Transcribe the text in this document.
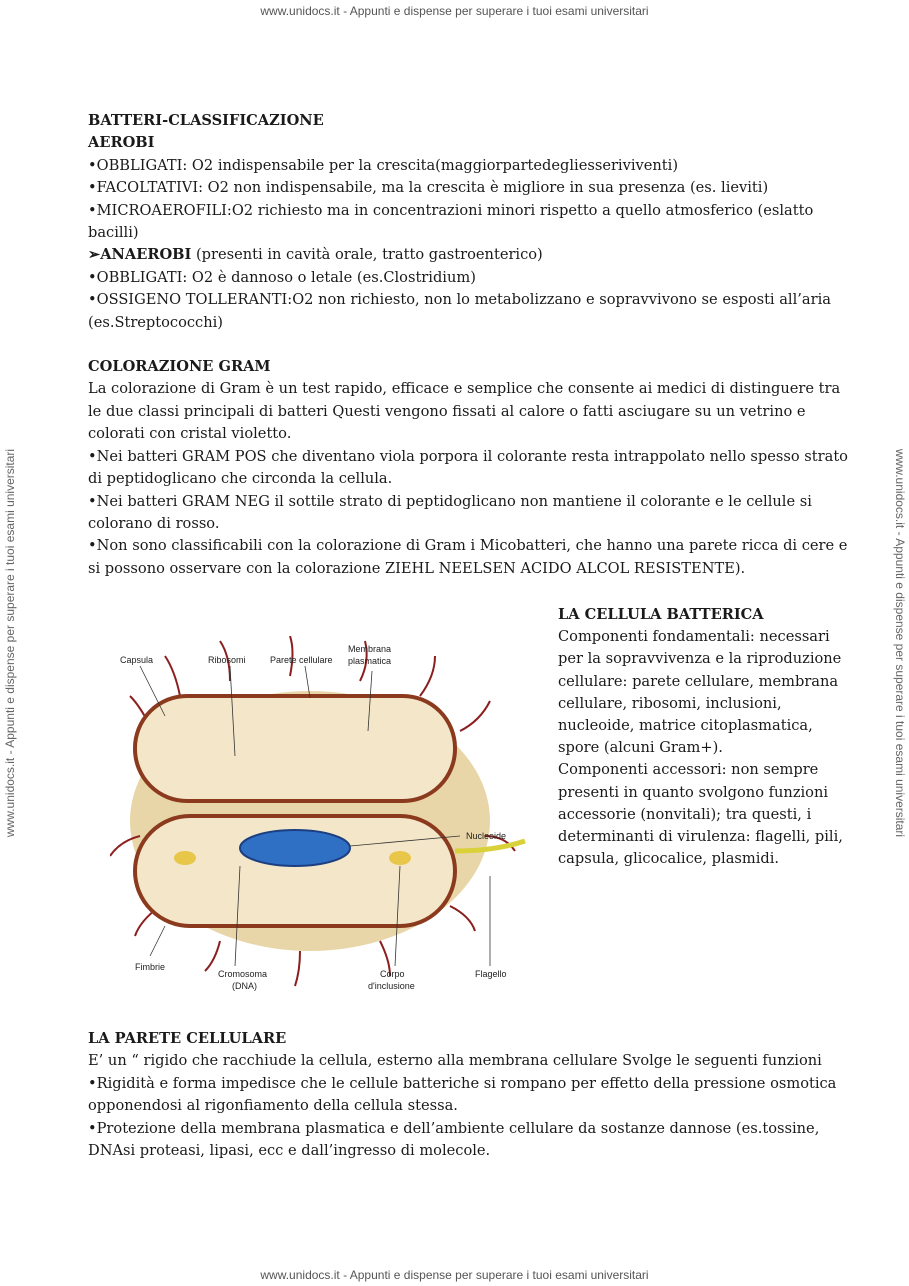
www.unidocs.it - Appunti e dispense per superare i tuoi esami universitari
www.unidocs.it - Appunti e dispense per superare i tuoi esami universitari	www.unidocs.it - Appunti e dispense per superare i tuoi esami universitari

BATTERI-CLASSIFICAZIONE

AEROBI

•OBBLIGATI: O2 indispensabile per la crescita(maggiorpartedegliesseriviventi)

•FACOLTATIVI: O2 non indispensabile, ma la crescita è migliore in sua presenza (es. lieviti)

•MICROAEROFILI:O2 richiesto ma in concentrazioni minori rispetto a quello atmosferico (eslatto bacilli)

➢ANAEROBI (presenti in cavità orale, tratto gastroenterico)

•OBBLIGATI: O2 è dannoso o letale (es.Clostridium)

•OSSIGENO TOLLERANTI:O2 non richiesto, non lo metabolizzano e sopravvivono se esposti all’aria (es.Streptococchi)

COLORAZIONE GRAM

La colorazione di Gram è un test rapido, efficace e semplice che consente ai medici di distinguere tra le due classi principali di batteri Questi vengono fissati al calore o fatti asciugare su un vetrino e colorati con cristal violetto.

•Nei batteri GRAM POS che diventano viola porpora il colorante resta intrappolato nello spesso strato di peptidoglicano che circonda la cellula.

•Nei batteri GRAM NEG il sottile strato di peptidoglicano non mantiene il colorante e le cellule si colorano di rosso.

•Non sono classificabili con la colorazione di Gram i Micobatteri, che hanno una parete ricca di cere e si possono osservare con la colorazione ZIEHL NEELSEN ACIDO ALCOL RESISTENTE).

Capsula	Ribosomi	Parete cellulare
Membrana
plasmatica
Nucleoide
Fimbrie
Cromosoma
(DNA)
Corpo
d'inclusione
Flagello

LA CELLULA BATTERICA

Componenti fondamentali: necessari per la sopravvivenza e la riproduzione cellulare: parete cellulare, membrana cellulare, ribosomi, inclusioni, nucleoide, matrice citoplasmatica, spore (alcuni Gram+).

Componenti accessori: non sempre presenti in quanto svolgono funzioni accessorie (nonvitali); tra questi, i determinanti di virulenza: flagelli, pili, capsula, glicocalice, plasmidi.

LA PARETE CELLULARE

E’ un “ rigido che racchiude la cellula, esterno alla membrana cellulare Svolge le seguenti funzioni

•Rigidità e forma impedisce che le cellule batteriche si rompano per effetto della pressione osmotica opponendosi al rigonfiamento della cellula stessa.

•Protezione della membrana plasmatica e dell’ambiente cellulare da sostanze dannose (es.tossine, DNAsi proteasi, lipasi, ecc e dall’ingresso di molecole.

www.unidocs.it - Appunti e dispense per superare i tuoi esami universitari
